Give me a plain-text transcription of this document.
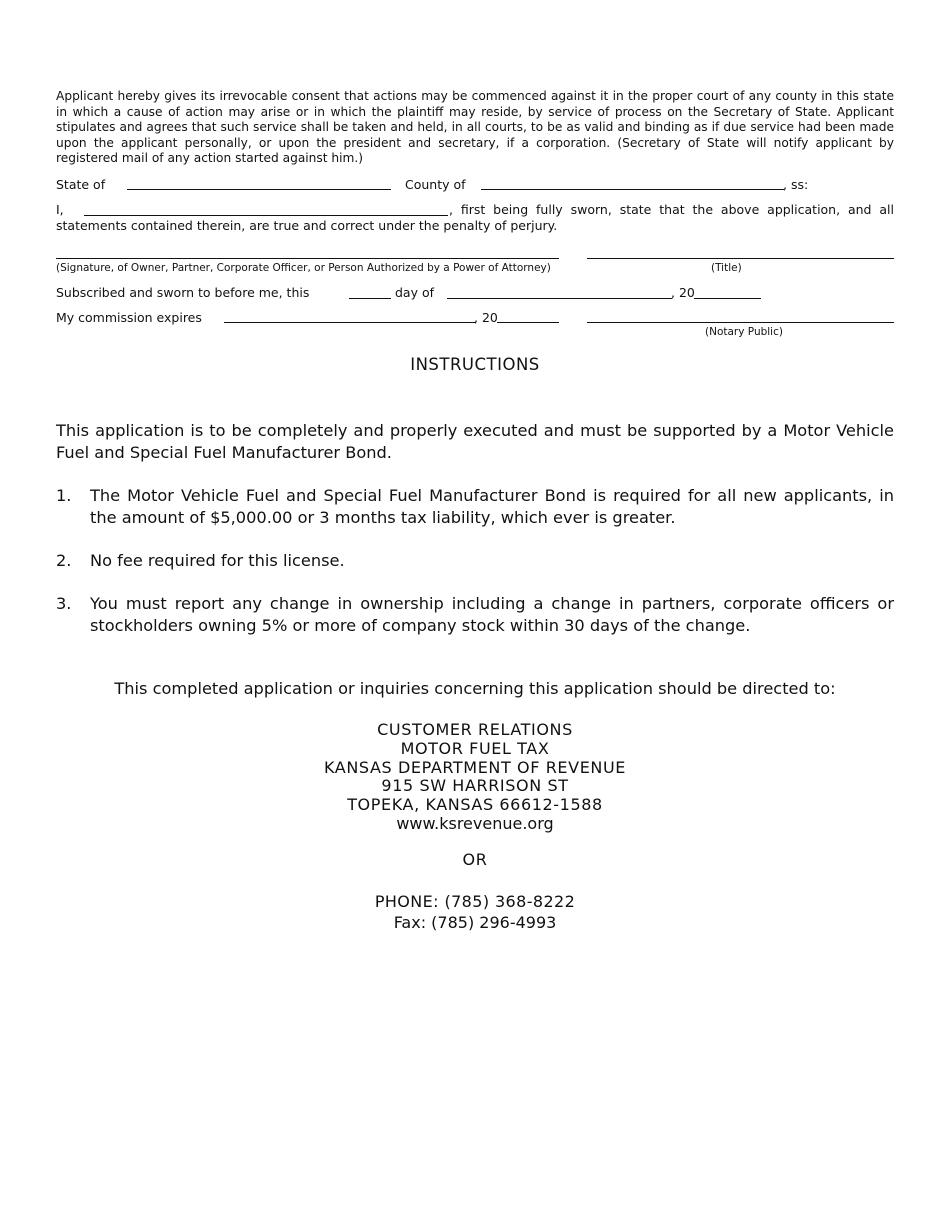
Applicant hereby gives its irrevocable consent that actions may be commenced against it in the proper court of any county in this state in which a cause of action may arise or in which the plaintiff may reside, by service of process on the Secretary of State. Applicant stipulates and agrees that such service shall be taken and held, in all courts, to be as valid and binding as if due service had been made upon the applicant personally, or upon the president and secretary, if a corporation. (Secretary of State will notify applicant by registered mail of any action started against him.)
State of	County of	, ss:
I,	, first being fully sworn, state that the above application, and all
statements contained therein, are true and correct under the penalty of perjury.
(Signature, of Owner, Partner, Corporate Officer, or Person Authorized by a Power of Attorney)	(Title)
Subscribed and sworn to before me, this	day of	, 20
My commission expires	, 20
(Notary Public)
INSTRUCTIONS
This application is to be completely and properly executed and must be supported by a Motor Vehicle Fuel and Special Fuel Manufacturer Bond.
1. The Motor Vehicle Fuel and Special Fuel Manufacturer Bond is required for all new applicants, in the amount of $5,000.00 or 3 months tax liability, which ever is greater.
2. No fee required for this license.
3. You must report any change in ownership including a change in partners, corporate officers or stockholders owning 5% or more of company stock within 30 days of the change.
This completed application or inquiries concerning this application should be directed to:
CUSTOMER RELATIONS
MOTOR FUEL TAX
KANSAS DEPARTMENT OF REVENUE
915 SW HARRISON ST
TOPEKA, KANSAS 66612-1588
www.ksrevenue.org
OR
PHONE: (785) 368-8222
Fax: (785) 296-4993
